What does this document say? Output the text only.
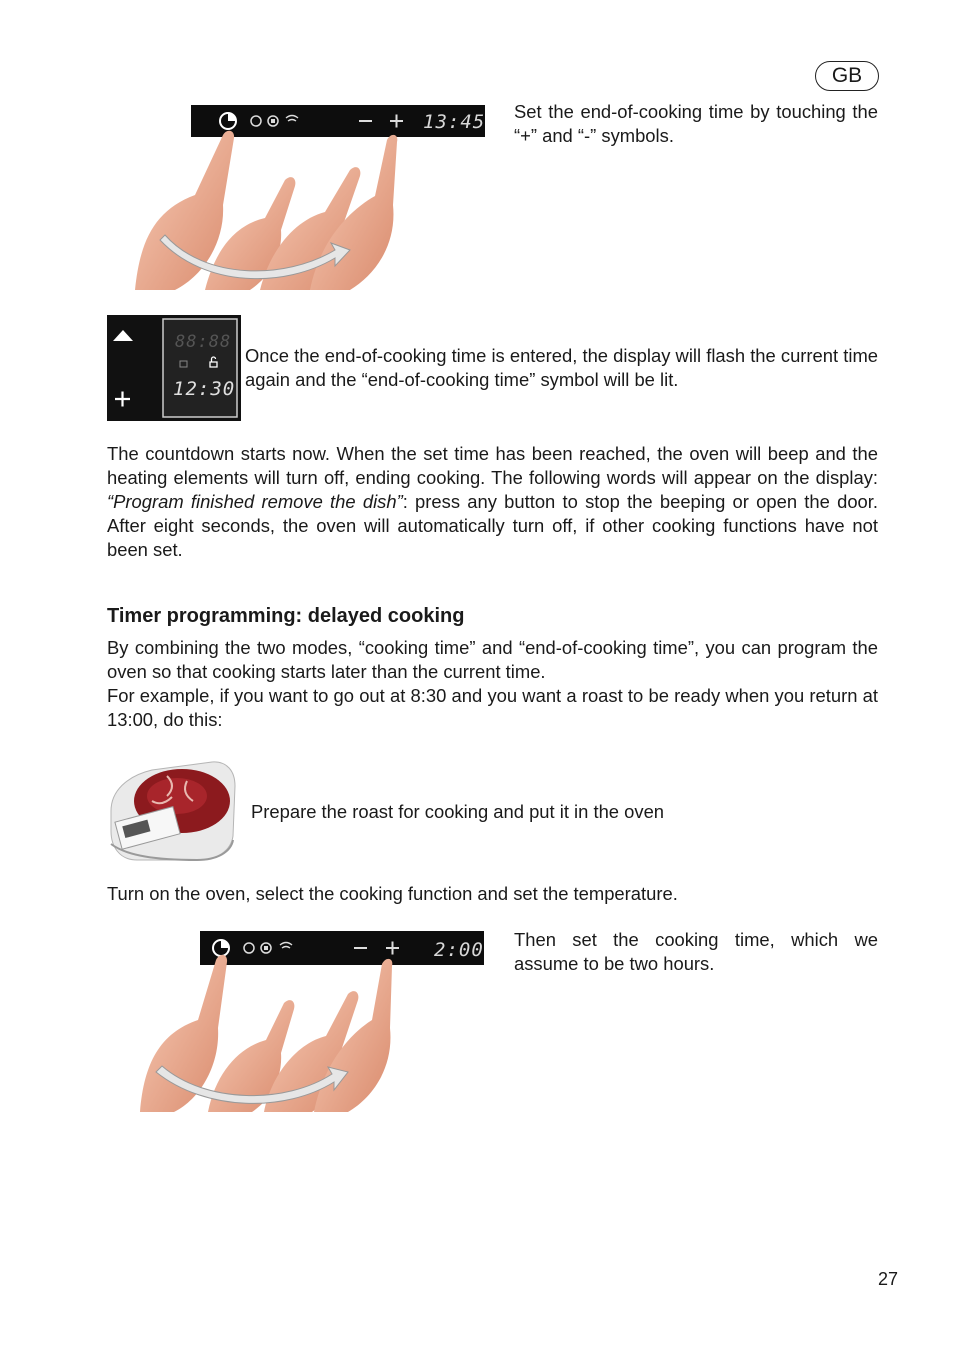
GB
13:45 Set the end-of-cooking time by touching the “+” and “-” symbols.

88:88
12:30

Once the end-of-cooking time is entered, the display will flash the current time again and the “end-of-cooking time” symbol will be lit.

The countdown starts now. When the set time has been reached, the oven will beep and the heating elements will turn off, ending cooking. The following words will appear on the display: “Program finished remove the dish”: press any button to stop the beeping or open the door. After eight seconds, the oven will automatically turn off, if other cooking functions have not been set.

Timer programming: delayed cooking

By combining the two modes, “cooking time” and “end-of-cooking time”, you can program the oven so that cooking starts later than the current time.

For example, if you want to go out at 8:30 and you want a roast to be ready when you return at 13:00, do this:

Prepare the roast for cooking and put it in the oven

Turn on the oven, select the cooking function and set the temperature.

2:00 Then set the cooking time, which we assume to be two hours.

27
